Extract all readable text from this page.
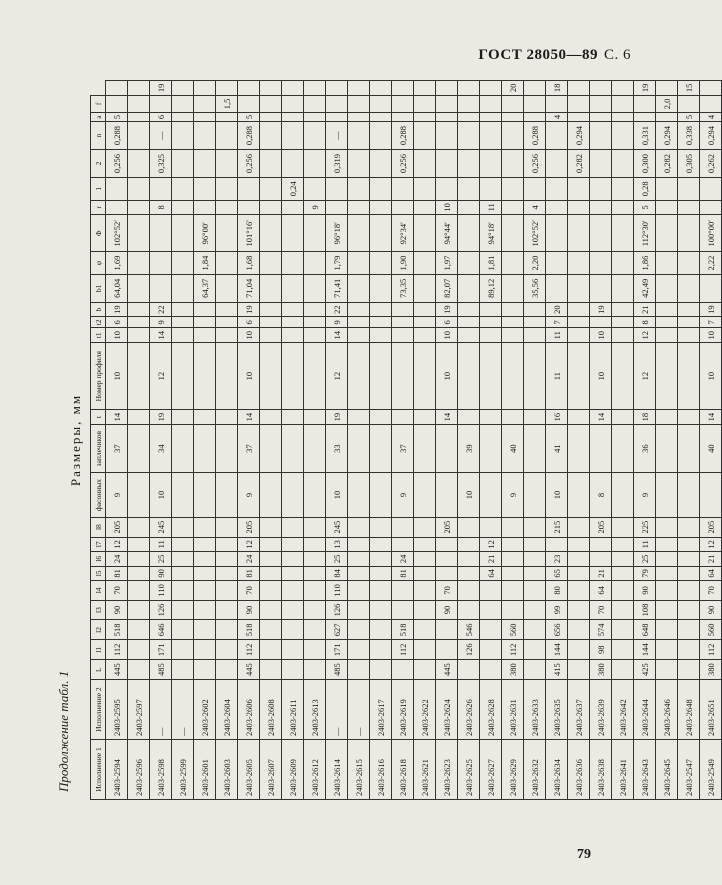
ГОСТ 28050—89 С. 6
Продолжение табл. 1
Размеры, мм
Исполнение 1	Исполнение 2	L	l1	l2	l3	l4	l5	l6	l7	l8	фасонных	заплечиков	t	Номер профиля	t1	t2	b	b1	φ	Φ	r	1	2	n	a	f	
2403-2594	2403-2595	445	112	518	90	70	81	24	12	205	9	37	14	10	10	6	19	64,04	1,69	102°52′			0,256	0,288	5		
2403-2596	2403-2597																										
2403-2598	—	485	171	646	126	110	90	25	11	245	10	34	19	12	14	9	22				8		0,325	—	6		19
2403-2599	—																										
2403-2601	2403-2602																	64,37	1,84	96°00′							
2403-2603	2403-2604																									1,5	
2403-2605	2403-2606	445	112	518	90	70	81	24	12	205	9	37	14	10	10	6	19	71,04	1,68	101°16′			0,256	0,288	5		
2403-2607	2403-2608																										
2403-2609	2403-2611																					0,24					
2403-2612	2403-2613																				9						
2403-2614	—	485	171	627	126	110	84	25	13	245	10	33	19	12	14	9	22	71,41	1,79	96°18′			0,319	—			
2403-2615	—																										
2403-2616	2403-2617																										
2403-2618	2403-2619		112	518			81	24			9	37						73,35	1,90	92°34′			0,256	0,288			
2403-2621	2403-2622																										
2403-2623	2403-2624	445			90	70				205			14	10	10	6	19	82,07	1,97	94°44′	10						
2403-2625	2403-2626		126	546							10	39															
2403-2627	2403-2628						64	21	12									89,12	1,81	94°18′	11						
2403-2629	2403-2631	380	112	560							9	40															20
2403-2632	2403-2633																	35,56	2,20	102°52′	4		0,256	0,288			
2403-2634	2403-2635	415	144	656	99	80	65	23		215	10	41	16	11	11	7	20								4		18
2403-2636	2403-2637																						0,282	0,294			
2403-2638	2403-2639	380	98	574	70	64	21			205	8		14	10	10		19										
2403-2641	2403-2642																										
2403-2643	2403-2644	425	144	648	108	90	79	25	11	225	9	36	18	12	12	8	21	42,49	1,86	112°30′	5	0,28	0,300	0,331			19
2403-2645	2403-2646																						0,282	0,294		2,0	
2403-2547	2403-2648																						0,305	0,338	5		15
2403-2549	2403-2651	380	112	560	90	70	64	21	12	205		40	14	10	10	7	19		2,22	100°00′			0,262	0,294	4		
79
